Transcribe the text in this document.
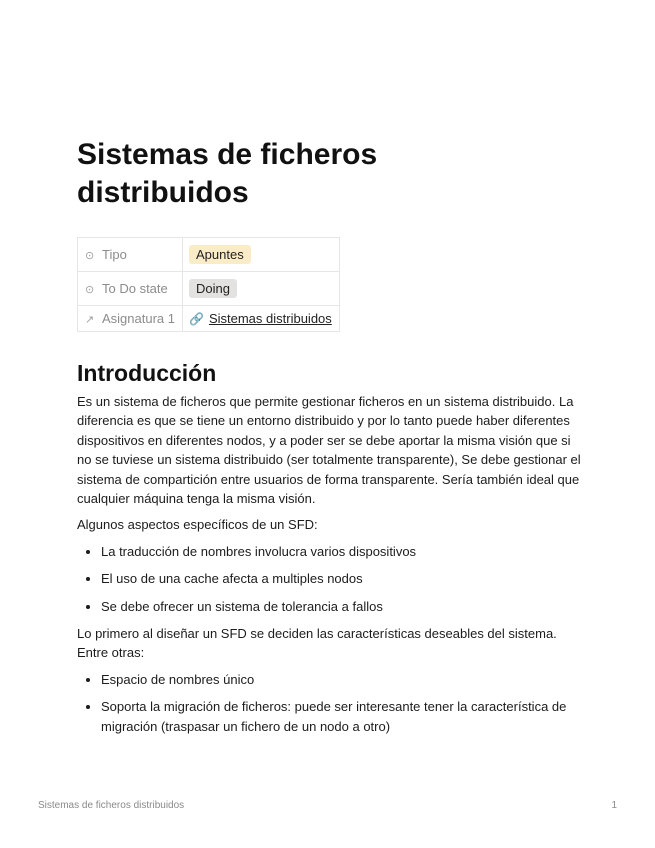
Sistemas de ficheros distribuidos
⊙ Tipo	Apuntes
⊙ To Do state	Doing
↗ Asignatura 1	🔗 Sistemas distribuidos
Introducción

Es un sistema de ficheros que permite gestionar ficheros en un sistema distribuido. La diferencia es que se tiene un entorno distribuido y por lo tanto puede haber diferentes dispositivos en diferentes nodos, y a poder ser se debe aportar la misma visión que si no se tuviese un sistema distribuido (ser totalmente transparente), Se debe gestionar el sistema de compartición entre usuarios de forma transparente. Sería también ideal que cualquier máquina tenga la misma visión.

Algunos aspectos específicos de un SFD:

• La traducción de nombres involucra varios dispositivos
• El uso de una cache afecta a multiples nodos
• Se debe ofrecer un sistema de tolerancia a fallos

Lo primero al diseñar un SFD se deciden las características deseables del sistema. Entre otras:

• Espacio de nombres único
• Soporta la migración de ficheros: puede ser interesante tener la característica de migración (traspasar un fichero de un nodo a otro)
Sistemas de ficheros distribuidos	1
